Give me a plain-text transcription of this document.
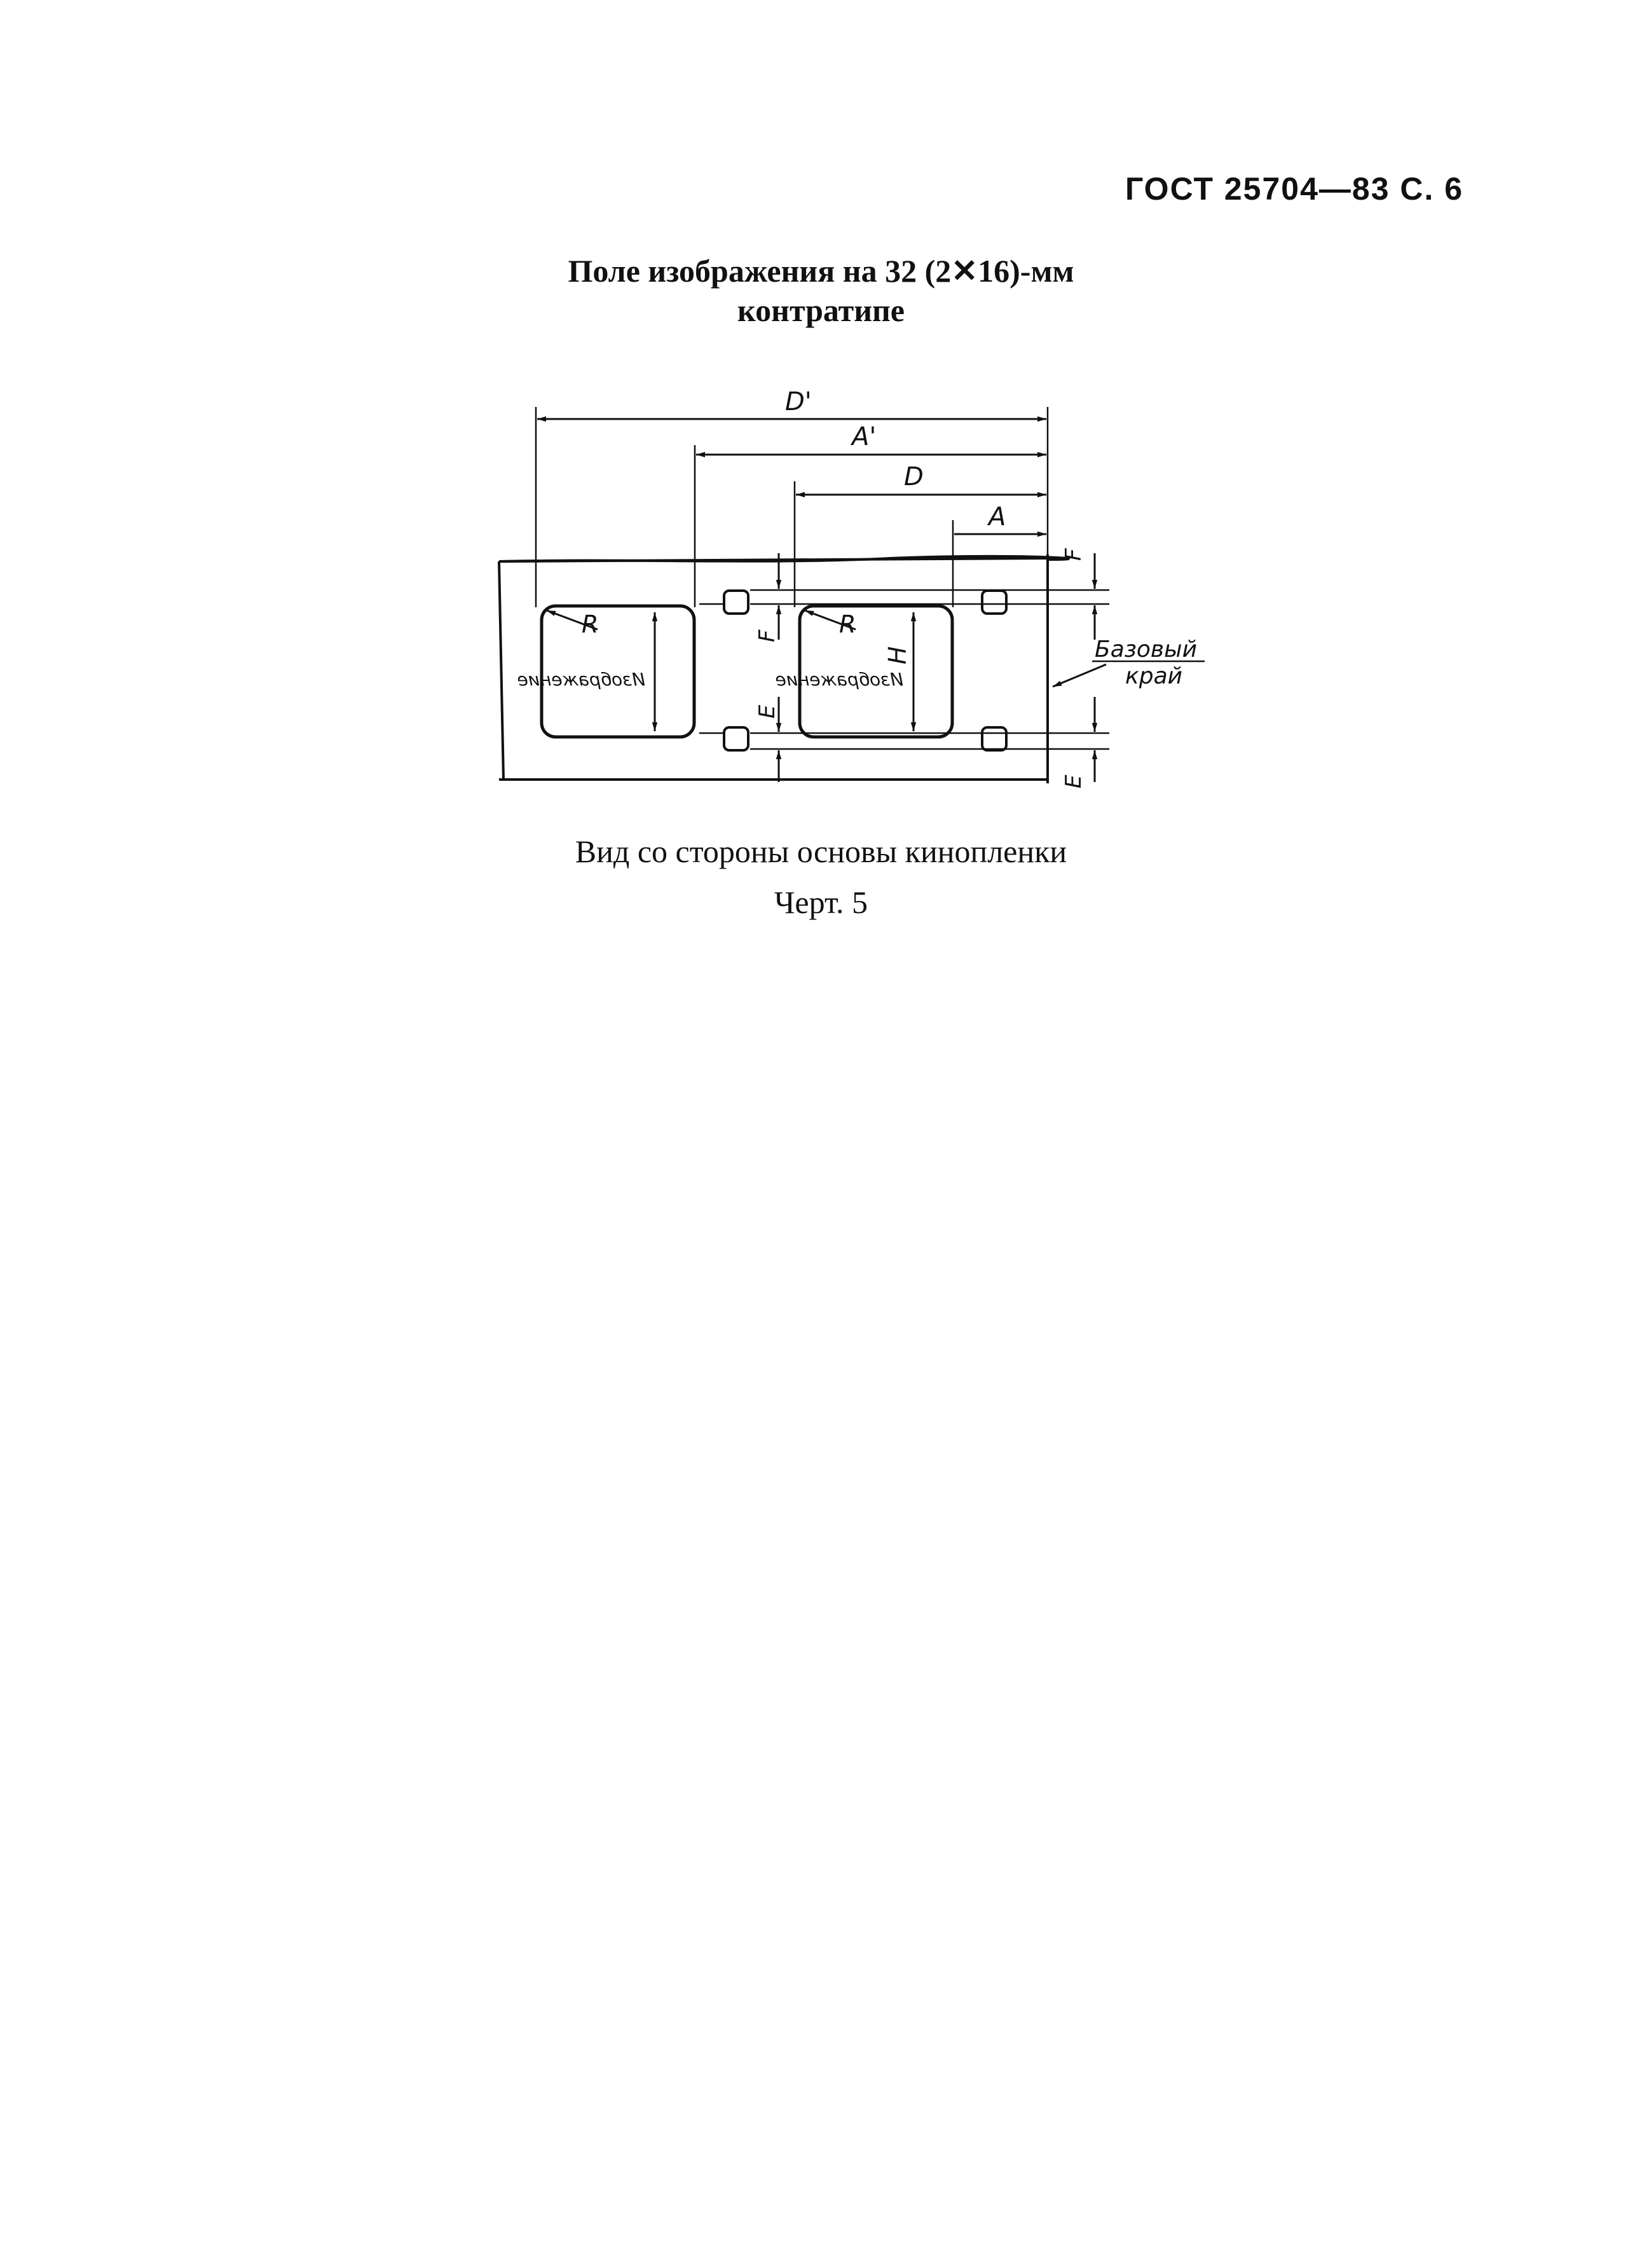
ГОСТ 25704—83 С. 6
Поле изображения на 32 (2✕16)-мм
контратипе
D'
A'
D
A
R	R
H
F
E
F
E
Изображение	Изображение
Базовый
край
Вид со стороны основы кинопленки
Черт. 5
